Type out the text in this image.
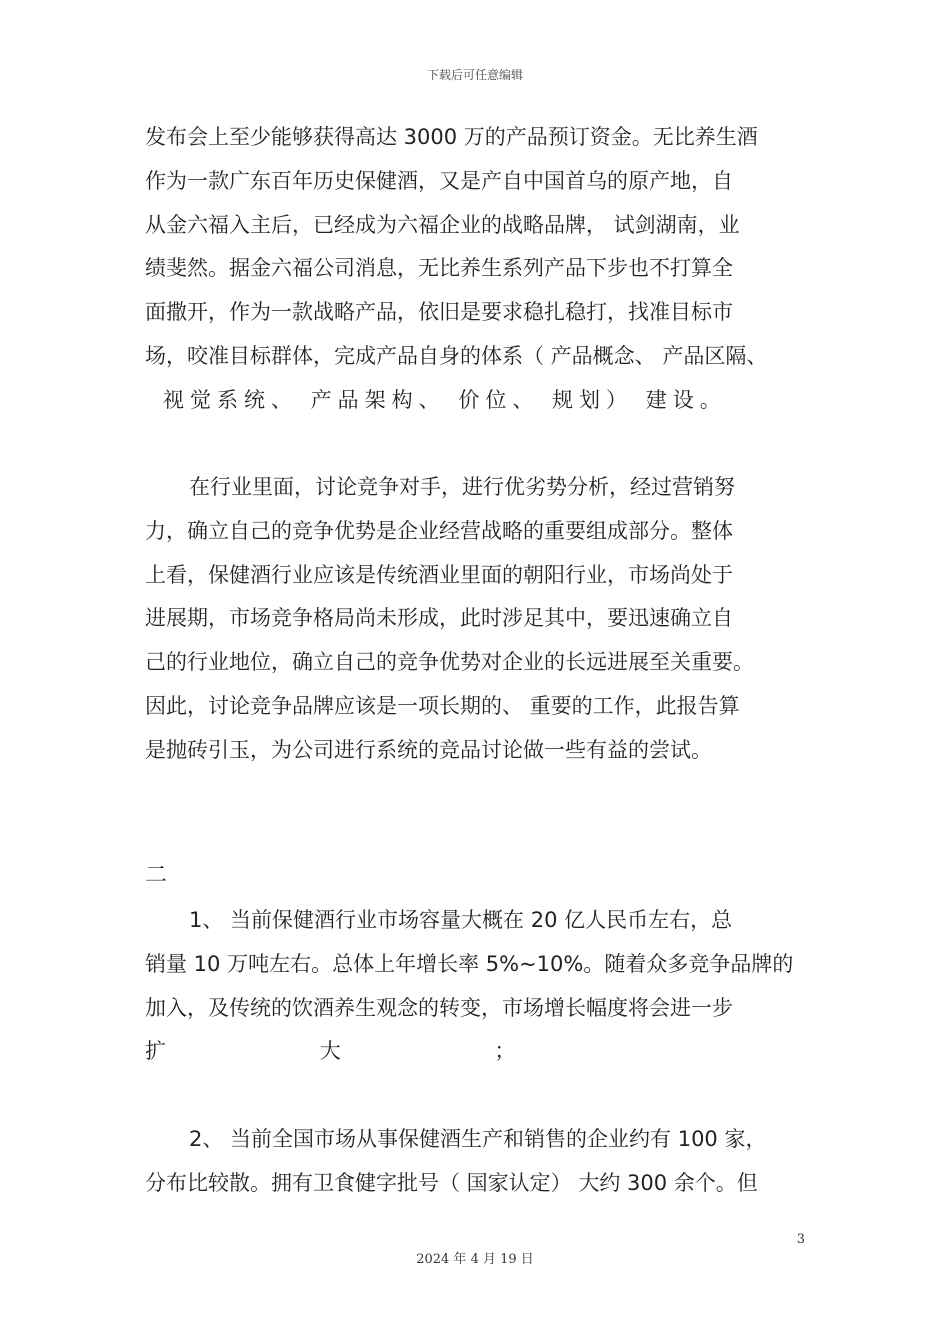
下载后可任意编辑
发布会上至少能够获得高达 3000 万的产品预订资金。无比养生酒
作为一款广东百年历史保健酒，又是产自中国首乌的原产地，自
从金六福入主后，已经成为六福企业的战略品牌， 试剑湖南，业
绩斐然。据金六福公司消息，无比养生系列产品下步也不打算全
面撒开，作为一款战略产品，依旧是要求稳扎稳打，找准目标市
场，咬准目标群体，完成产品自身的体系（ 产品概念、 产品区隔、
视觉系统、 产品架构、 价位、 规划） 建设。
在行业里面，讨论竞争对手，进行优劣势分析，经过营销努
力，确立自己的竞争优势是企业经营战略的重要组成部分。整体
上看，保健酒行业应该是传统酒业里面的朝阳行业，市场尚处于
进展期，市场竞争格局尚未形成，此时涉足其中，要迅速确立自
己的行业地位，确立自己的竞争优势对企业的长远进展至关重要。
因此，讨论竞争品牌应该是一项长期的、 重要的工作，此报告算
是抛砖引玉，为公司进行系统的竞品讨论做一些有益的尝试。
二
1、 当前保健酒行业市场容量大概在 20 亿人民币左右，总
销量 10 万吨左右。总体上年增长率 5%~10%。随着众多竞争品牌的
加入，及传统的饮酒养生观念的转变，市场增长幅度将会进一步
扩	大	；
2、 当前全国市场从事保健酒生产和销售的企业约有 100 家，
分布比较散。拥有卫食健字批号（ 国家认定） 大约 300 余个。但
3
2024 年 4 月 19 日
